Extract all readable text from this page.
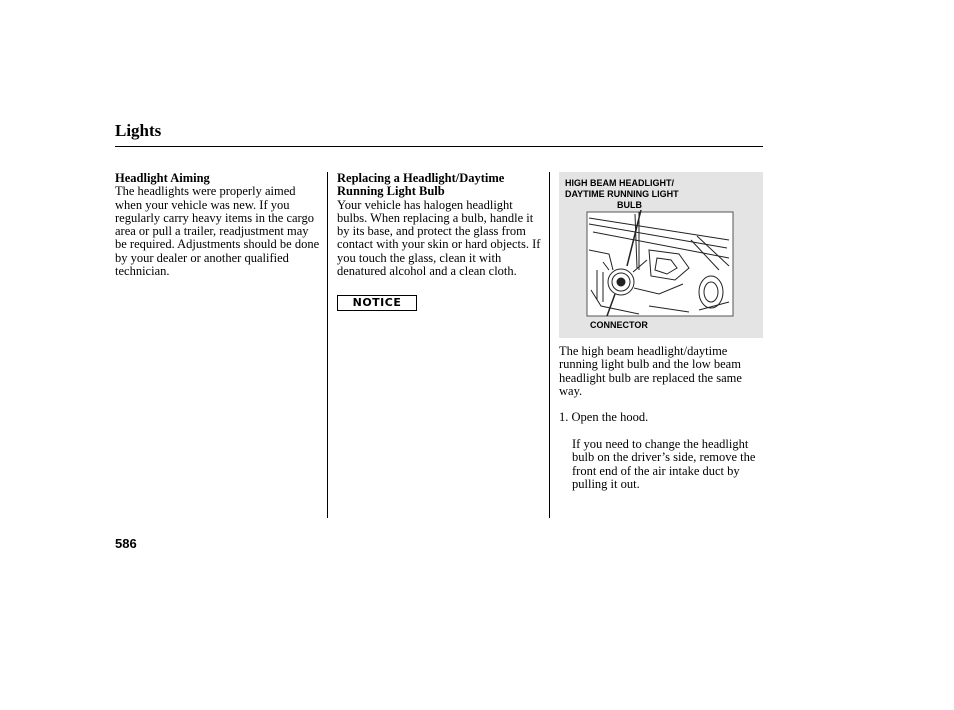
Lights

Headlight Aiming

The headlights were properly aimed when your vehicle was new. If you regularly carry heavy items in the cargo area or pull a trailer, readjustment may be required. Adjustments should be done by your dealer or another qualified technician.

Replacing a Headlight/Daytime Running Light Bulb

Your vehicle has halogen headlight bulbs. When replacing a bulb, handle it by its base, and protect the glass from contact with your skin or hard objects. If you touch the glass, clean it with denatured alcohol and a clean cloth.

NOTICE
HIGH BEAM HEADLIGHT/
DAYTIME RUNNING LIGHT
BULB
CONNECTOR

The high beam headlight/daytime running light bulb and the low beam headlight bulb are replaced the same way.

1. Open the hood.

If you need to change the headlight bulb on the driver’s side, remove the front end of the air intake duct by pulling it out.

586
